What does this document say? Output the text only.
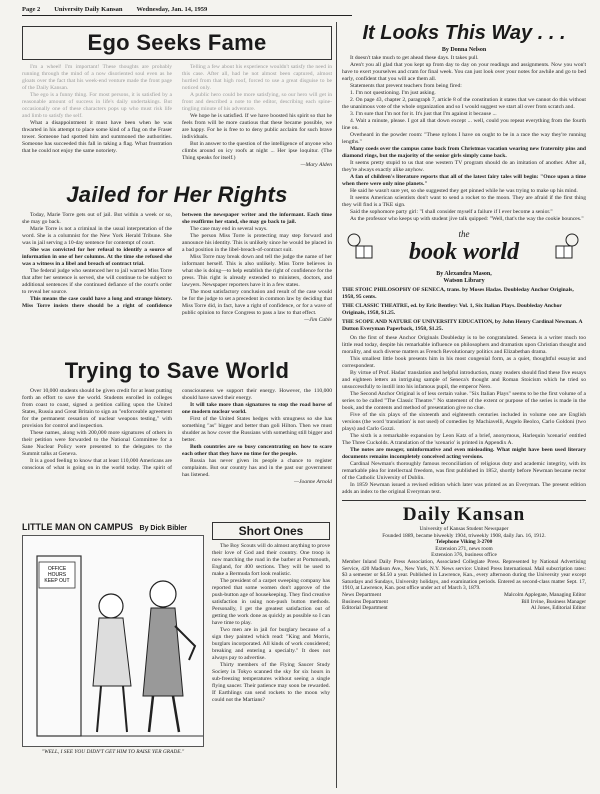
Page 2 University Daily Kansan Wednesday, Jan. 14, 1959
Ego Seeks Fame

I'm a wheel! I'm important! These thoughts are probably running through the mind of a now disoriented soul even as he gloats over the fact that his week-end venture made the front page of the Daily Kansan.

The ego is a funny thing. For most persons, it is satisfied by a reasonable amount of success in life's daily undertakings. But occasionally one of these characters pops up who must risk life and limb to satisfy the self.

What a disappointment it must have been when he was thwarted in his attempt to place some kind of a flag on the Fraser tower. Someone had spotted him and summoned the authorities. Someone has succeeded this fall in taking a flag. What frustration that he could not enjoy the same notoriety.

Telling a few about his experience wouldn't satisfy the need in this case. After all, had he not almost been captured, almost hurtled from that high roof, forced to use a great disguise to be noticed only.

A public hero could be more satisfying, so our hero will get in front and described a note to the editor, describing each spine-tingling minute of his adventure.

We hope he is satisfied. If we have boosted his spirit so that he feels from will be more cautious that these became possible, we are happy. For he is free to to deny public acclaim for such brave individuals.

But in answer to the question of the intelligence of anyone who climbs around on icy roofs at night ... Her ipse loquitur. (The Thing speaks for itself.)

—Mary Alden
Jailed for Her Rights

Today, Marie Torre gets out of jail. But within a week or so, she may go back.

Marie Torre is not a criminal in the usual interpretation of the word. She is a columnist for the New York Herald Tribune. She was in jail serving a 10-day sentence for contempt of court.

She was convicted for her refusal to identify a source of information in one of her columns. At the time she refused she was a witness in a libel and breach of contract trial.

The federal judge who sentenced her to jail warned Miss Torre that after her sentence is served, she will continue to be subject to additional sentences if she continued defiance of the court's order to reveal her source.

This means the case could have a long and strange history. Miss Torre insists there should be a right of confidence between the newspaper writer and the informant. Each time she reaffirms her stand, she may go back to jail.

The case may end in several ways.

The person Miss Torre is protecting may step forward and announce his identity. This is unlikely since he would be placed in a bad position in the libel-breach-of-contract suit.

Miss Torre may break down and tell the judge the name of her informant herself. This is also unlikely. Miss Torre believes in what she is doing—to help establish the right of confidence for the press. This right is already extended to ministers, doctors, and lawyers. Newspaper reporters have it in a few states.

The most satisfactory conclusion and result of the case would be for the judge to set a precedent in common law by deciding that Miss Torre did, in fact, have a right of confidence, or for a wave of public opinion to force Congress to pass a law to that effect.

—Jim Cable
Trying to Save World

Over 10,000 students should be given credit for at least putting forth an effort to save the world. Students enrolled in colleges from coast to coast, signed a petition calling upon the United States, Russia and Great Britain to sign an "enforceable agreement for the permanent cessation of nuclear weapons testing," with provision for control and inspection.

These names, along with 200,000 more signatures of others in their petition were forwarded to the National Committee for a Sane Nuclear Policy were presented to the delegates to the Summit talks at Geneva.

It is a good feeling to know that at least 110,000 Americans are conscious of what is going on in the world today. The spirit of consciousness we support their energy. However, the 110,000 should have saved their energy.

It will take more than signatures to stop the road horse of one modern nuclear world.

First of the United States hedges with smugness so she has something "as" bigger and better than goli Hilton. Then we must shudder as how cover the Russians with something still bigger and better.

Both countries are so busy concentrating on how to scare each other that they have no time for the people.

Russia has never given its people a chance to register complaints. But our country has and in the past our government has listened.

—Joanne Arnold
LITTLE MAN ON CAMPUS By Dick Bibler
OFFICE HOURS KEEP OUT
"WELL, I SEE YOU DIDN'T GET HIM TO RAISE YER GRADE."
Short Ones

The Boy Scouts will do almost anything to prove their love of God and their country. One troop is now marching the road in the barber at Portsmouth, England, for 400 sections. They will be used to make a Bermuda fort look realistic.

The president of a carpet sweeping company has reported that some women don't approve of the push-button age of housekeeping. They find creative satisfaction in using non-push button methods. Personally, I get the greatest satisfaction out of getting the work done as quickly as possible so I can have time to play.

Two men are in jail for burglary because of a sign they painted which read: "King and Morris, burglars incorporated. All kinds of work considered; breaking and entering a specialty." It does not always pay to advertise.

Thirty members of the Flying Saucer Study Society in Tokyo scanned the sky for six hours in sub-freezing temperatures without seeing a single flying saucer. Their patience may soon be rewarded. If Earthlings can send rockets to the moon why could not the Martians?

It Looks This Way . . .
By Donna Nelson

It doesn't take much to get ahead these days. It takes pull.

Aren't you all glad that you kept up from day to day on your readings and assignments. Now you won't have to exert yourselves and cram for final week. You can just look over your notes for awhile and go to bed early, confident that you will ace them all.

Statements that prevent teachers from being fired:

1. I'm not questioning. I'm just asking.

2. On page 43, chapter 2, paragraph 7, article 8 of the constitution it states that we cannot do this without the unanimous vote of the whole organization and so I would suggest we start all over from scratch and.

3. I'm sure that I'm not for it. It's just that I'm against it because ...

4. Wait a minute, please. I got all that down except ... well, could you repeat everything from the fourth line on.

Overheard in the powder room: "These nylons I have on ought to be in a race the way they're running lengths."

Many coeds over the campus came back from Christmas vacation wearing new fraternity pins and diamond rings, but the majority of the senior girls simply came back.

It seems pretty stupid to us that one western TV program should do an imitation of another. After all, they're always exactly alike anyhow.

A fan of children's literature reports that all of the latest fairy tales will begin: "Once upon a time when there were only nine planets."

He said he wasn't sure yet, so she suggested they get pinned while he was trying to make up his mind.

It seems American scientists don't want to send a rocket to the moon. They are afraid if the first thing they will find is a TKE sign.

Said the sophomore party girl: "I shall consider myself a failure if I ever become a senior."

As the professor who keeps up with student jive talk quipped: "Well, that's the way the cookie bounces."

the
book world
By Alexandra Mason,
Watson Library
THE STOIC PHILOSOPHY OF SENECA, trans. by Moses Hadas. Doubleday Anchor Originals, 1958, 95 cents.
THE CLASSIC THEATRE, ed. by Eric Bentley: Vol. 1, Six Italian Plays. Doubleday Anchor Originals, 1958, $1.25.
THE SCOPE AND NATURE OF UNIVERSITY EDUCATION, by John Henry Cardinal Newman. A Dutton Everyman Paperback, 1958, $1.25.

On the first of these Anchor Originals Doubleday is to be congratulated. Seneca is a writer much too little read today, despite his remarkable influence on philosophers and dramatists upon Christian thought and morality, and such diverse matters as French Revolutionary politics and Elizabethan drama.

This smallest little book presents him in his most congenial form, as a quiet, thoughtful essayist and correspondent.

By virtue of Prof. Hadas' translation and helpful introduction, many readers should find these five essays and eighteen letters an intriguing sample of Seneca's thought and Roman Stoicism which he tried so unsuccessfully to instill into his infamous pupil, the emperor Nero.

The Second Anchor Original is of less certain value. "Six Italian Plays" seems to be the first volume of a series to be called "The Classic Theatre." No statement of the extent or purpose of the series is made in the book, and the contents and method of presentation give no clue.

Five of the six plays of the sixteenth and eighteenth centuries included in volume one are English versions (the word 'translation' is not used) of comedies by Machiavelli, Angelo Beolco, Carlo Goldoni (two plays) and Carlo Gozzi.

The sixth is a remarkable expansion by Leon Katz of a brief, anonymous, Harlequin 'scenario' entitled The Three Cuckolds. A translation of the 'scenario' is printed in Appendix A.

The notes are meager, uninformative and even misleading. What might have been used literary documents remains incompletely conceived acting versions.

Cardinal Newman's thoroughly famous reconciliation of religious duty and academic integrity, with its remarkable plea for intellectual freedom, was first published in 1852, shortly before Newman became rector of the Catholic University of Dublin.

In 1859 Newman issued a revised edition which later was printed as an Everyman. The present edition adds an index to the original Everyman text.

Daily Kansan
University of Kansas Student Newspaper
Founded 1889, became biweekly 1904, triweekly 1908, daily Jan. 16, 1912.
Telephone Viking 3-2700
Extension 271, news room
Extension 376, business office
Member Inland Daily Press Association, Associated Collegiate Press. Represented by National Advertising Service, 420 Madison Ave., New York, N.Y. News service: United Press International. Mail subscription rates: $3 a semester or $4.50 a year. Published in Lawrence, Kan., every afternoon during the University year except Saturdays and Sundays, University holidays, and examination periods. Entered as second-class matter Sept. 17, 1910, at Lawrence, Kan. post office under act of March 3, 1879.
News Department	Malcolm Applegate, Managing Editor
Business Department	Bill Irvine, Business Manager
Editorial Department	Al Jones, Editorial Editor
